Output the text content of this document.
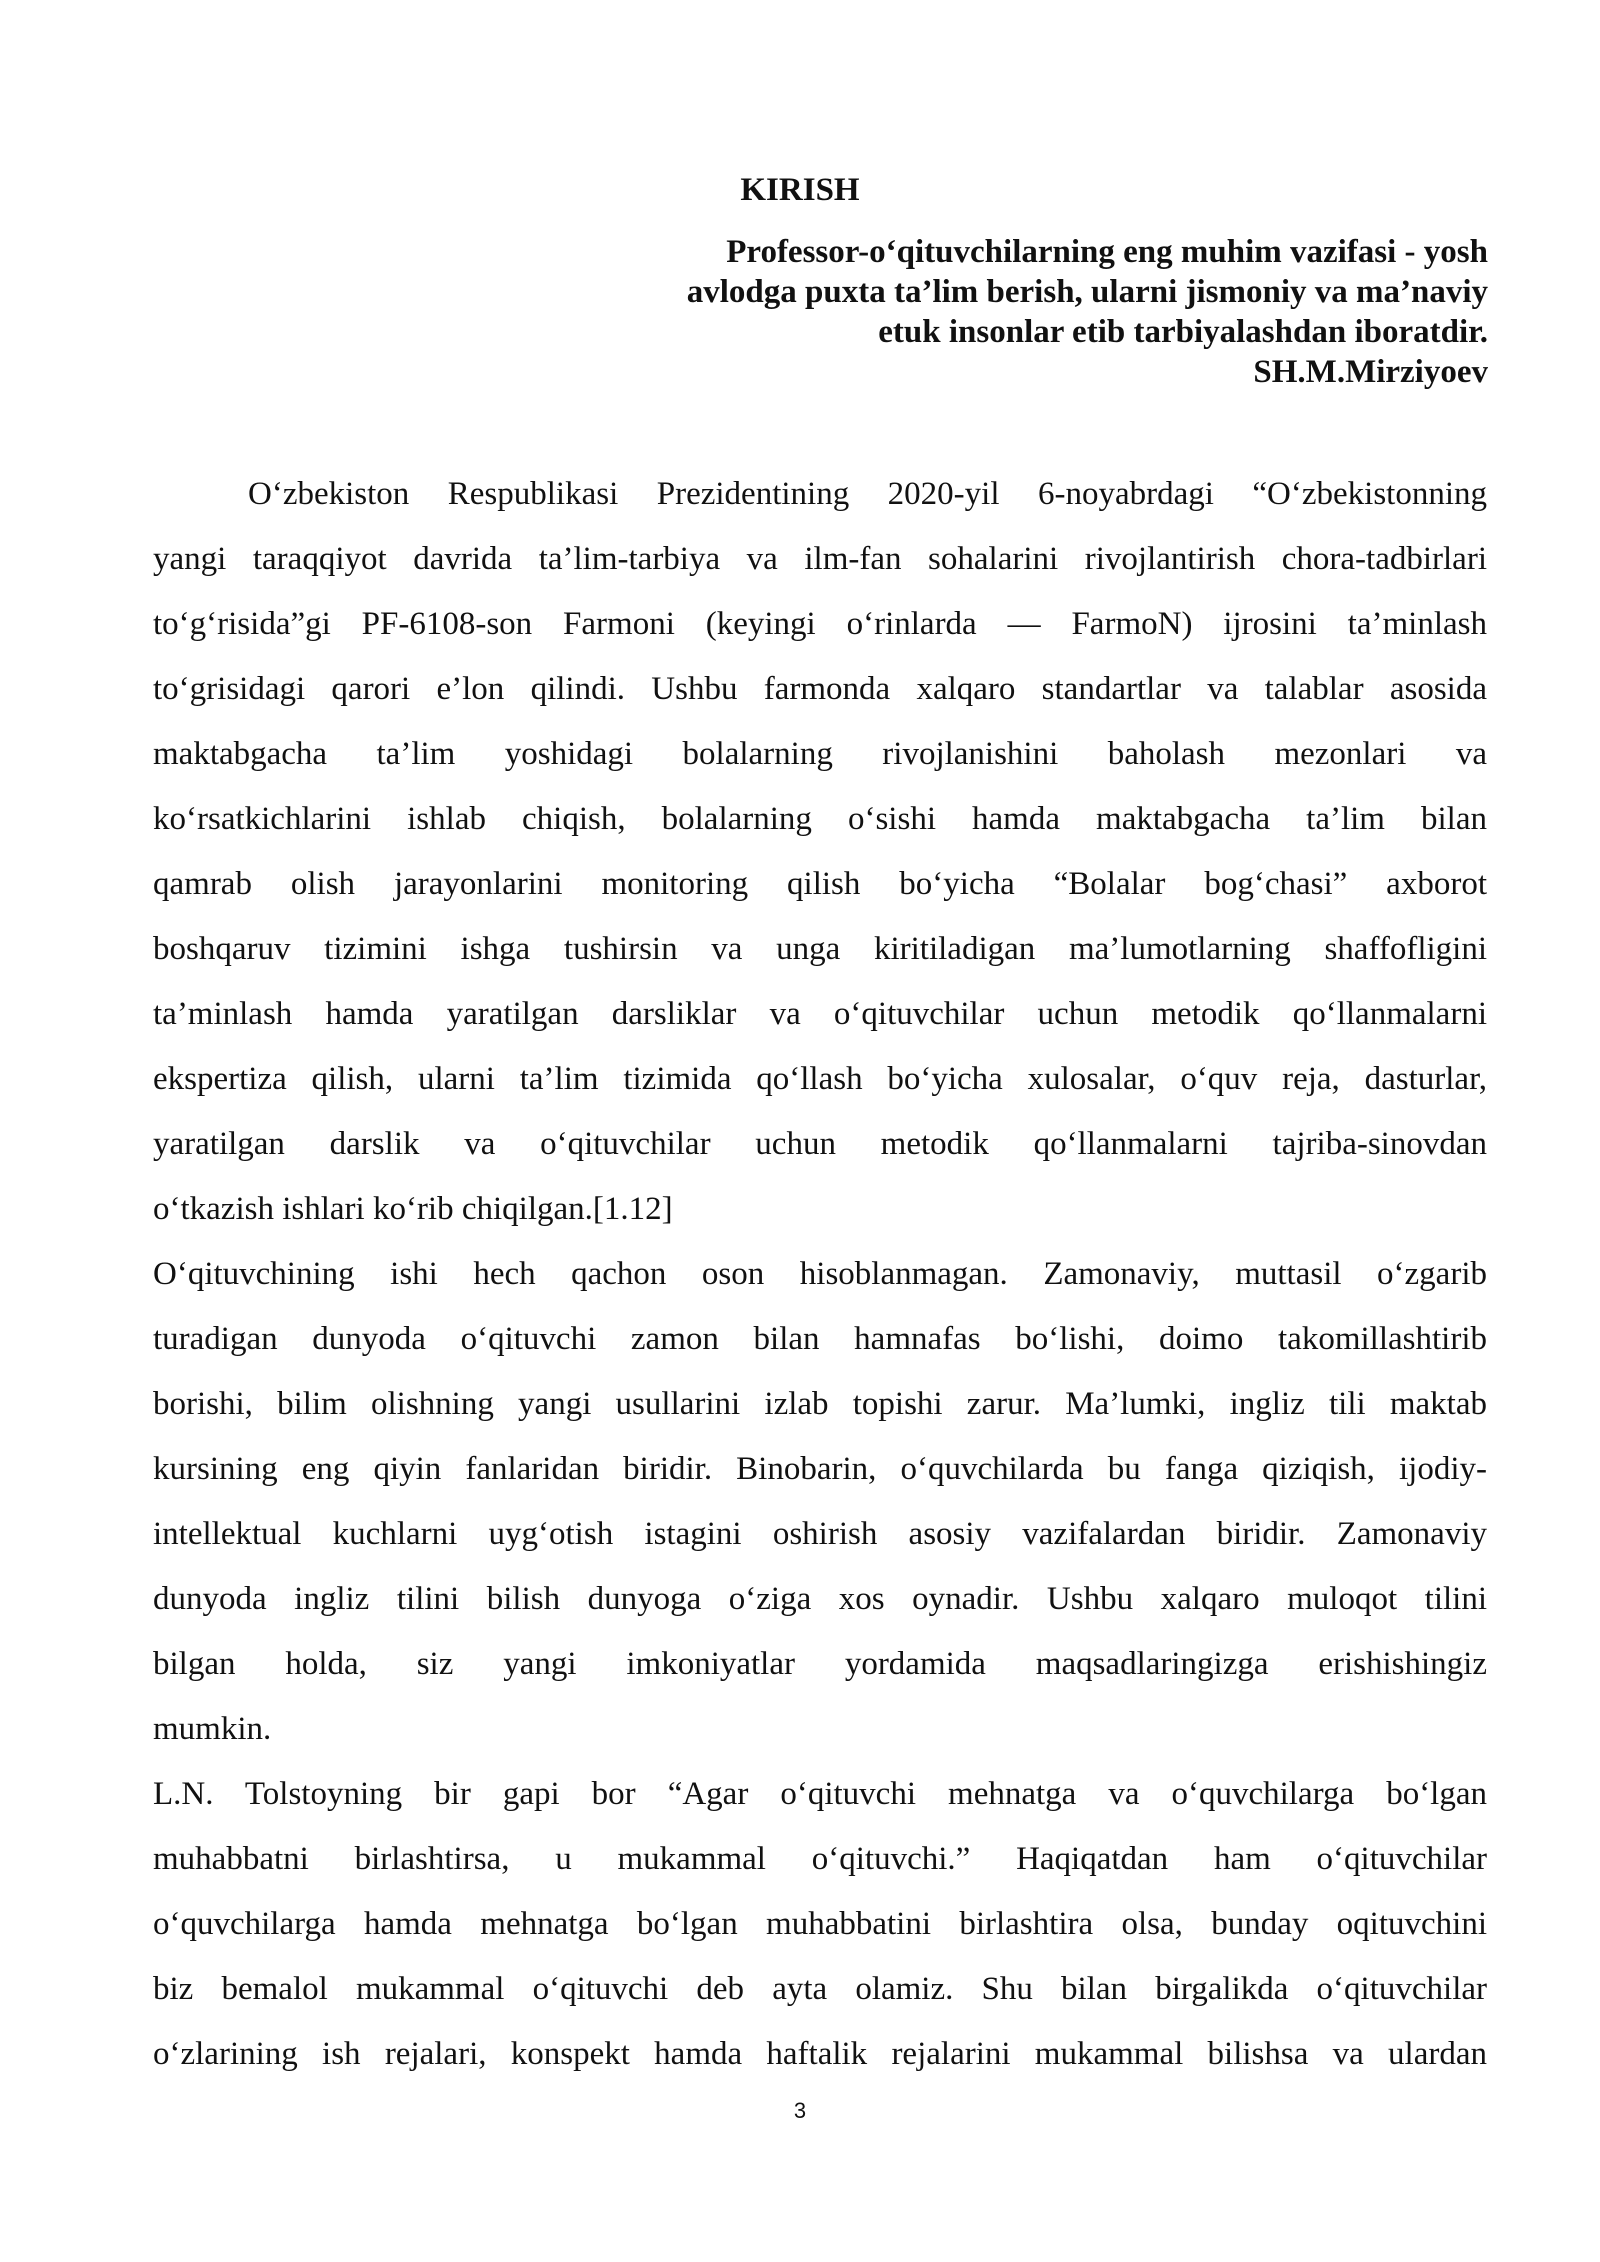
KIRISH
Professor-o‘qituvchilarning eng muhim vazifasi - yosh
avlodga puxta ta’lim berish, ularni jismoniy va ma’naviy
etuk insonlar etib tarbiyalashdan iboratdir.
SH.M.Mirziyoev
O‘zbekiston Respublikasi Prezidentining 2020-yil 6-noyabrdagi “O‘zbekistonning
yangi taraqqiyot davrida ta’lim-tarbiya va ilm-fan sohalarini rivojlantirish chora-tadbirlari
to‘g‘risida”gi PF-6108-son Farmoni (keyingi o‘rinlarda — FarmoN) ijrosini ta’minlash
to‘grisidagi qarori e’lon qilindi. Ushbu farmonda xalqaro standartlar va talablar asosida
maktabgacha ta’lim yoshidagi bolalarning rivojlanishini baholash mezonlari va
ko‘rsatkichlarini ishlab chiqish, bolalarning o‘sishi hamda maktabgacha ta’lim bilan
qamrab olish jarayonlarini monitoring qilish bo‘yicha “Bolalar bog‘chasi” axborot
boshqaruv tizimini ishga tushirsin va unga kiritiladigan ma’lumotlarning shaffofligini
ta’minlash hamda yaratilgan darsliklar va o‘qituvchilar uchun metodik qo‘llanmalarni
ekspertiza qilish, ularni ta’lim tizimida qo‘llash bo‘yicha xulosalar, o‘quv reja, dasturlar,
yaratilgan darslik va o‘qituvchilar uchun metodik qo‘llanmalarni tajriba-sinovdan
o‘tkazish ishlari ko‘rib chiqilgan.[1.12]
O‘qituvchining ishi hech qachon oson hisoblanmagan. Zamonaviy, muttasil o‘zgarib
turadigan dunyoda o‘qituvchi zamon bilan hamnafas bo‘lishi, doimo takomillashtirib
borishi, bilim olishning yangi usullarini izlab topishi zarur. Ma’lumki, ingliz tili maktab
kursining eng qiyin fanlaridan biridir. Binobarin, o‘quvchilarda bu fanga qiziqish, ijodiy-
intellektual kuchlarni uyg‘otish istagini oshirish asosiy vazifalardan biridir. Zamonaviy
dunyoda ingliz tilini bilish dunyoga o‘ziga xos oynadir. Ushbu xalqaro muloqot tilini
bilgan holda, siz yangi imkoniyatlar yordamida maqsadlaringizga erishishingiz
mumkin.
L.N. Tolstoyning bir gapi bor “Agar o‘qituvchi mehnatga va o‘quvchilarga bo‘lgan
muhabbatni birlashtirsa, u mukammal o‘qituvchi.” Haqiqatdan ham o‘qituvchilar
o‘quvchilarga hamda mehnatga bo‘lgan muhabbatini birlashtira olsa, bunday oqituvchini
biz bemalol mukammal o‘qituvchi deb ayta olamiz. Shu bilan birgalikda o‘qituvchilar
o‘zlarining ish rejalari, konspekt hamda haftalik rejalarini mukammal bilishsa va ulardan
3
